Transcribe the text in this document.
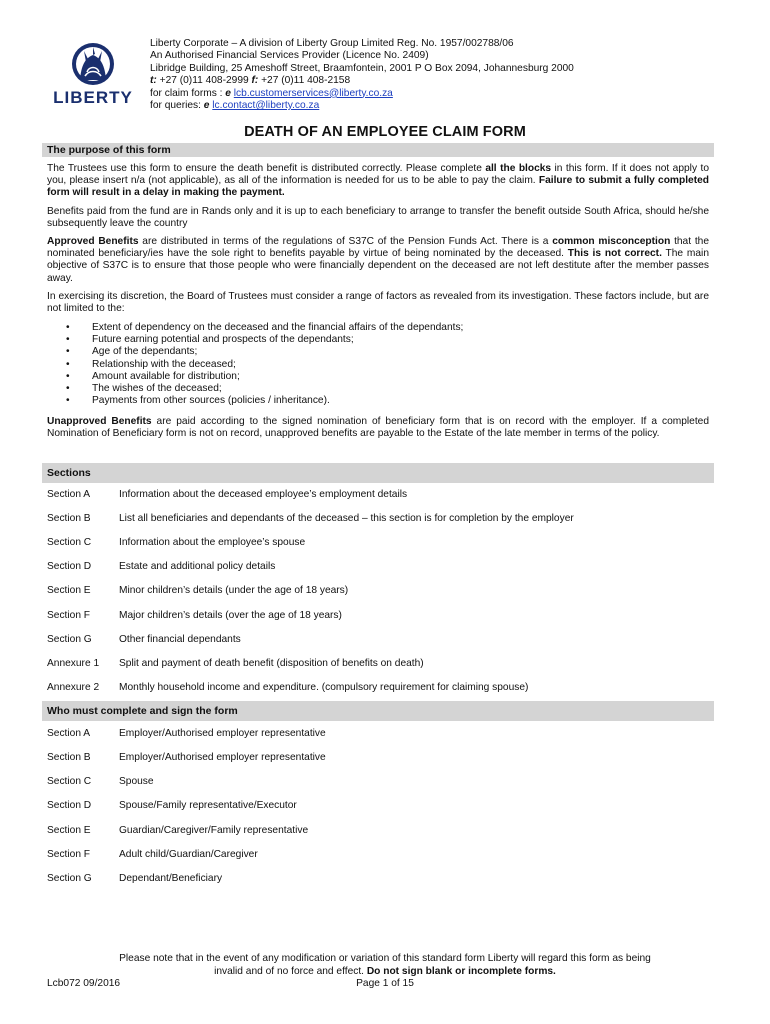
LIBERTY
Liberty Corporate – A division of Liberty Group Limited Reg. No. 1957/002788/06
An Authorised Financial Services Provider (Licence No. 2409)
Libridge Building, 25 Ameshoff Street, Braamfontein, 2001 P O Box 2094, Johannesburg 2000
t: +27 (0)11 408-2999 f: +27 (0)11 408-2158
for claim forms : e lcb.customerservices@liberty.co.za
for queries: e lc.contact@liberty.co.za
DEATH OF AN EMPLOYEE CLAIM FORM
The purpose of this form
The Trustees use this form to ensure the death benefit is distributed correctly. Please complete all the blocks in this form. If it does not apply to you, please insert n/a (not applicable), as all of the information is needed for us to be able to pay the claim. Failure to submit a fully completed form will result in a delay in making the payment.
Benefits paid from the fund are in Rands only and it is up to each beneficiary to arrange to transfer the benefit outside South Africa, should he/she subsequently leave the country
Approved Benefits are distributed in terms of the regulations of S37C of the Pension Funds Act. There is a common misconception that the nominated beneficiary/ies have the sole right to benefits payable by virtue of being nominated by the deceased. This is not correct. The main objective of S37C is to ensure that those people who were financially dependent on the deceased are not left destitute after the member passes away.
In exercising its discretion, the Board of Trustees must consider a range of factors as revealed from its investigation. These factors include, but are not limited to the:
• Extent of dependency on the deceased and the financial affairs of the dependants;
• Future earning potential and prospects of the dependants;
• Age of the dependants;
• Relationship with the deceased;
• Amount available for distribution;
• The wishes of the deceased;
• Payments from other sources (policies / inheritance).
Unapproved Benefits are paid according to the signed nomination of beneficiary form that is on record with the employer. If a completed Nomination of Beneficiary form is not on record, unapproved benefits are payable to the Estate of the late member in terms of the policy.
Sections
Section A	Information about the deceased employee’s employment details
Section B	List all beneficiaries and dependants of the deceased – this section is for completion by the employer
Section C	Information about the employee’s spouse
Section D	Estate and additional policy details
Section E	Minor children’s details (under the age of 18 years)
Section F	Major children’s details (over the age of 18 years)
Section G	Other financial dependants
Annexure 1 Split and payment of death benefit (disposition of benefits on death)
Annexure 2 Monthly household income and expenditure. (compulsory requirement for claiming spouse)
Who must complete and sign the form
Section A	Employer/Authorised employer representative
Section B	Employer/Authorised employer representative
Section C	Spouse
Section D	Spouse/Family representative/Executor
Section E	Guardian/Caregiver/Family representative
Section F	Adult child/Guardian/Caregiver
Section G	Dependant/Beneficiary
Please note that in the event of any modification or variation of this standard form Liberty will regard this form as being
invalid and of no force and effect. Do not sign blank or incomplete forms.
Page 1 of 15
Lcb072 09/2016
